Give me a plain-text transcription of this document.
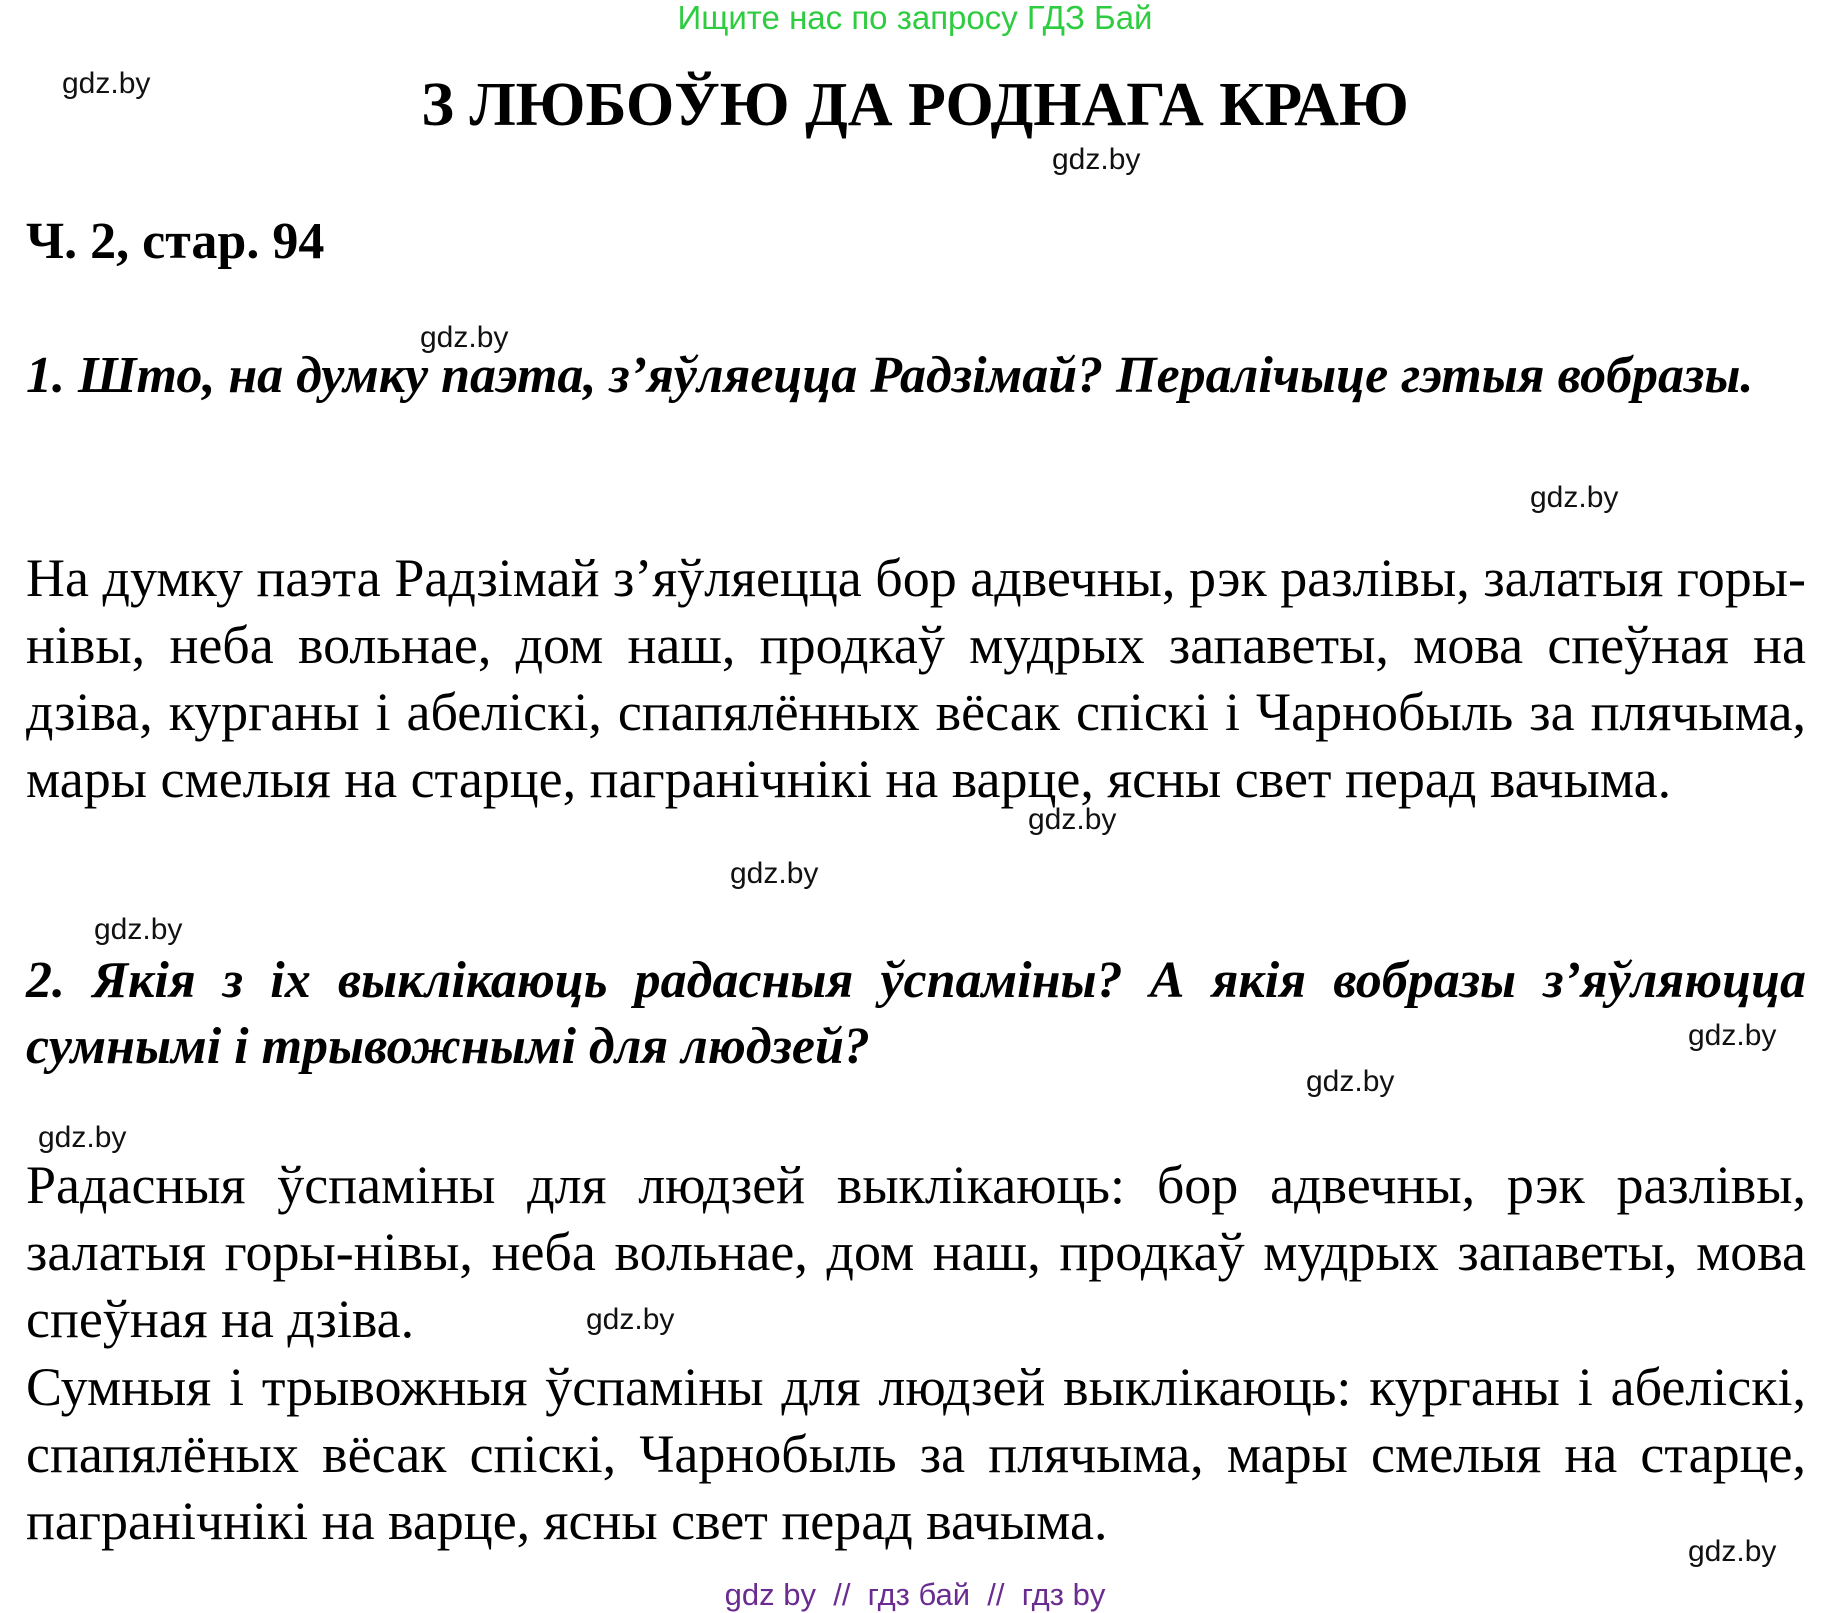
Ищите нас по запросу ГДЗ Бай
З ЛЮБОЎЮ ДА РОДНАГА КРАЮ
Ч. 2, стар. 94
1. Што, на думку паэта, з’яўляецца Радзімай? Пералічыце гэтыя вобразы.
На думку паэта Радзімай з’яўляецца бор адвечны, рэк разлівы, залатыя горы-нівы, неба вольнае, дом наш, продкаў мудрых запаветы, мова спеўная на дзіва, курганы і абеліскі, спапялённых вёсак спіскі і Чарнобыль за плячыма, мары смелыя на старце, пагранічнікі на варце, ясны свет перад вачыма.
2. Якія з іх выклікаюць радасныя ўспаміны? А якія вобразы з’яўляюцца сумнымі і трывожнымі для людзей?
Радасныя ўспаміны для людзей выклікаюць: бор адвечны, рэк разлівы, залатыя горы-нівы, неба вольнае, дом наш, продкаў мудрых запаветы, мова спеўная на дзіва.
Сумныя і трывожныя ўспаміны для людзей выклікаюць: курганы і абеліскі, спапялёных вёсак спіскі, Чарнобыль за плячыма, мары смелыя на старце, пагранічнікі на варце, ясны свет перад вачыма.
gdz.by
gdz.by
gdz.by
gdz.by
gdz.by
gdz.by
gdz.by
gdz.by
gdz.by
gdz.by
gdz.by
gdz.by
gdz by  //  гдз бай  //  гдз by
